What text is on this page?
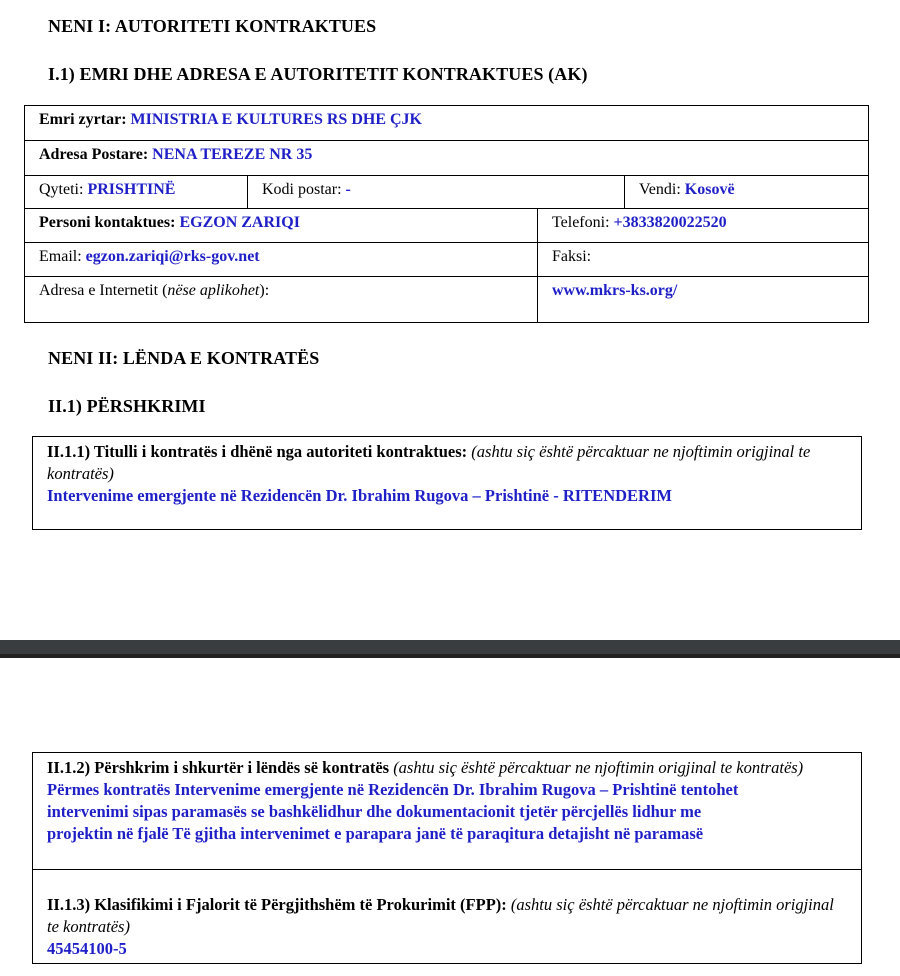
NENI I: AUTORITETI KONTRAKTUES
I.1) EMRI DHE ADRESA E AUTORITETIT KONTRAKTUES (AK)
Emri zyrtar: MINISTRIA E KULTURES RS DHE ÇJK
Adresa Postare: NENA TEREZE NR 35
Qyteti: PRISHTINË	Kodi postar: -	Vendi: Kosovë
Personi kontaktues: EGZON ZARIQI	Telefoni: +3833820022520
Email: egzon.zariqi@rks-gov.net	Faksi:
Adresa e Internetit (nëse aplikohet):	www.mkrs-ks.org/
NENI II: LËNDA E KONTRATËS
II.1) PËRSHKRIMI

II.1.1) Titulli i kontratës i dhënë nga autoriteti kontraktues: (ashtu siç është përcaktuar ne njoftimin origjinal te kontratës)

Intervenime emergjente në Rezidencën Dr. Ibrahim Rugova – Prishtinë - RITENDERIM

II.1.2) Përshkrim i shkurtër i lëndës së kontratës (ashtu siç është përcaktuar ne njoftimin origjinal te kontratës)

Përmes kontratës Intervenime emergjente në Rezidencën Dr. Ibrahim Rugova – Prishtinë tentohet

intervenimi sipas paramasës se bashkëlidhur dhe dokumentacionit tjetër përcjellës lidhur me

projektin në fjalë Të gjitha intervenimet e parapara janë të paraqitura detajisht në paramasë

II.1.3) Klasifikimi i Fjalorit të Përgjithshëm të Prokurimit (FPP): (ashtu siç është përcaktuar ne njoftimin origjinal te kontratës)

45454100-5
